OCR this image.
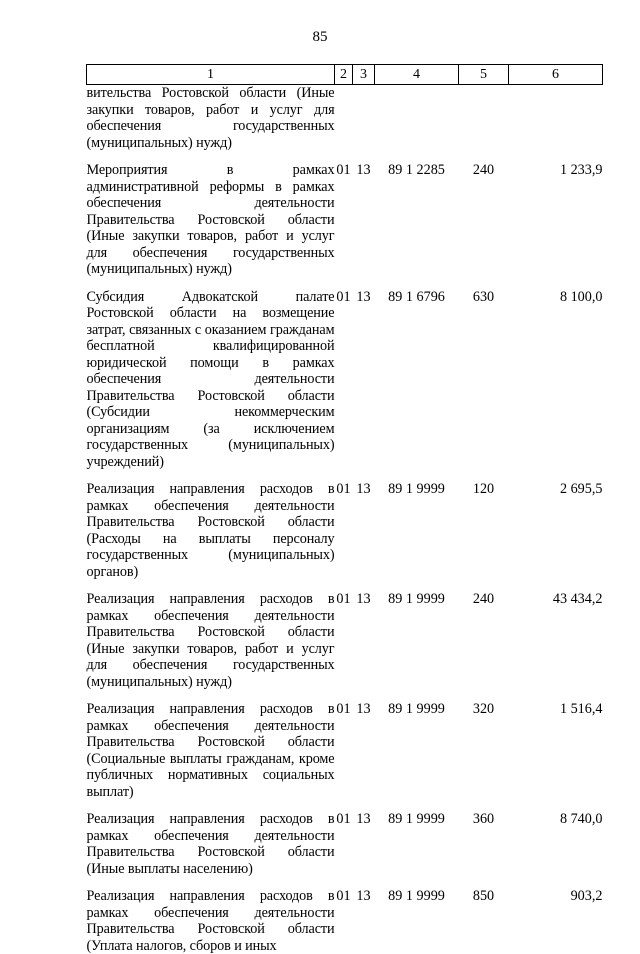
85
1	2	3	4	5	6
вительства Ростовской области (Иные закупки товаров, работ и услуг для обеспечения государственных (муниципальных) нужд)					
Мероприятия в рамках административной реформы в рамках обеспечения деятельности Правительства Ростовской области (Иные закупки товаров, работ и услуг для обеспечения государственных (муниципальных) нужд)	01	13	89 1 2285	240	1 233,9
Субсидия Адвокатской палате Ростовской области на возмещение затрат, связанных с оказанием гражданам бесплатной квалифицированной юридической помощи в рамках обеспечения деятельности Правительства Ростовской области (Субсидии некоммерческим организациям (за исключением государственных (муниципальных) учреждений)	01	13	89 1 6796	630	8 100,0
Реализация направления расходов в рамках обеспечения деятельности Правительства Ростовской области (Расходы на выплаты персоналу государственных (муниципальных) органов)	01	13	89 1 9999	120	2 695,5
Реализация направления расходов в рамках обеспечения деятельности Правительства Ростовской области (Иные закупки товаров, работ и услуг для обеспечения государственных (муниципальных) нужд)	01	13	89 1 9999	240	43 434,2
Реализация направления расходов в рамках обеспечения деятельности Правительства Ростовской области (Социальные выплаты гражданам, кроме публичных нормативных социальных выплат)	01	13	89 1 9999	320	1 516,4
Реализация направления расходов в рамках обеспечения деятельности Правительства Ростовской области (Иные выплаты населению)	01	13	89 1 9999	360	8 740,0
Реализация направления расходов в рамках обеспечения деятельности Правительства Ростовской области (Уплата налогов, сборов и иных	01	13	89 1 9999	850	903,2
